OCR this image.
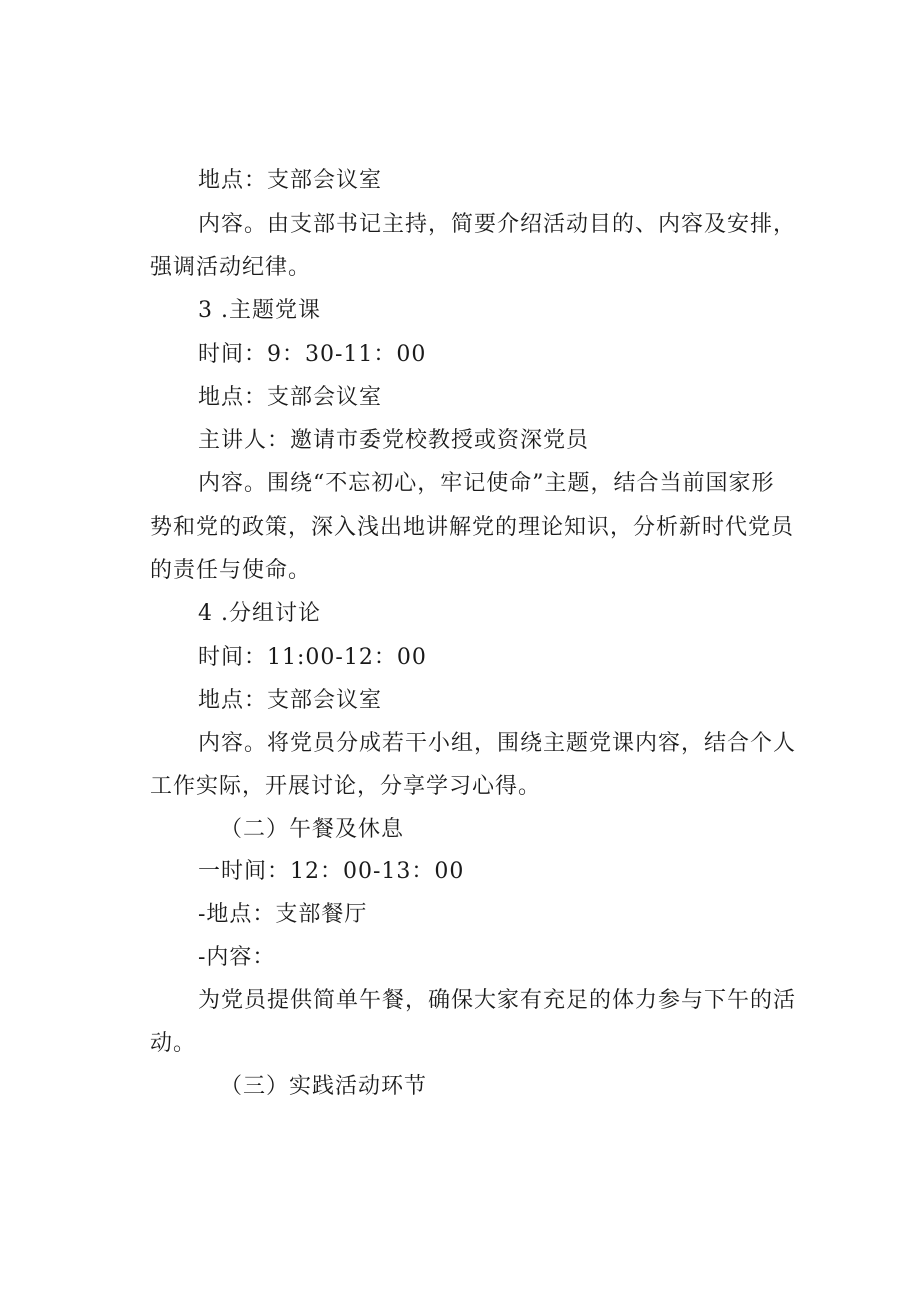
地点：支部会议室
内容。由支部书记主持，简要介绍活动目的、内容及安排，
强调活动纪律。
3 .主题党课
时间：9：30-11：00
地点：支部会议室
主讲人：邀请市委党校教授或资深党员
内容。围绕“不忘初心，牢记使命”主题，结合当前国家形
势和党的政策，深入浅出地讲解党的理论知识，分析新时代党员
的责任与使命。
4 .分组讨论
时间：11:00-12：00
地点：支部会议室
内容。将党员分成若干小组，围绕主题党课内容，结合个人
工作实际，开展讨论，分享学习心得。
（二）午餐及休息
一时间：12：00-13：00
-地点：支部餐厅
-内容：
为党员提供简单午餐，确保大家有充足的体力参与下午的活
动。
（三）实践活动环节
